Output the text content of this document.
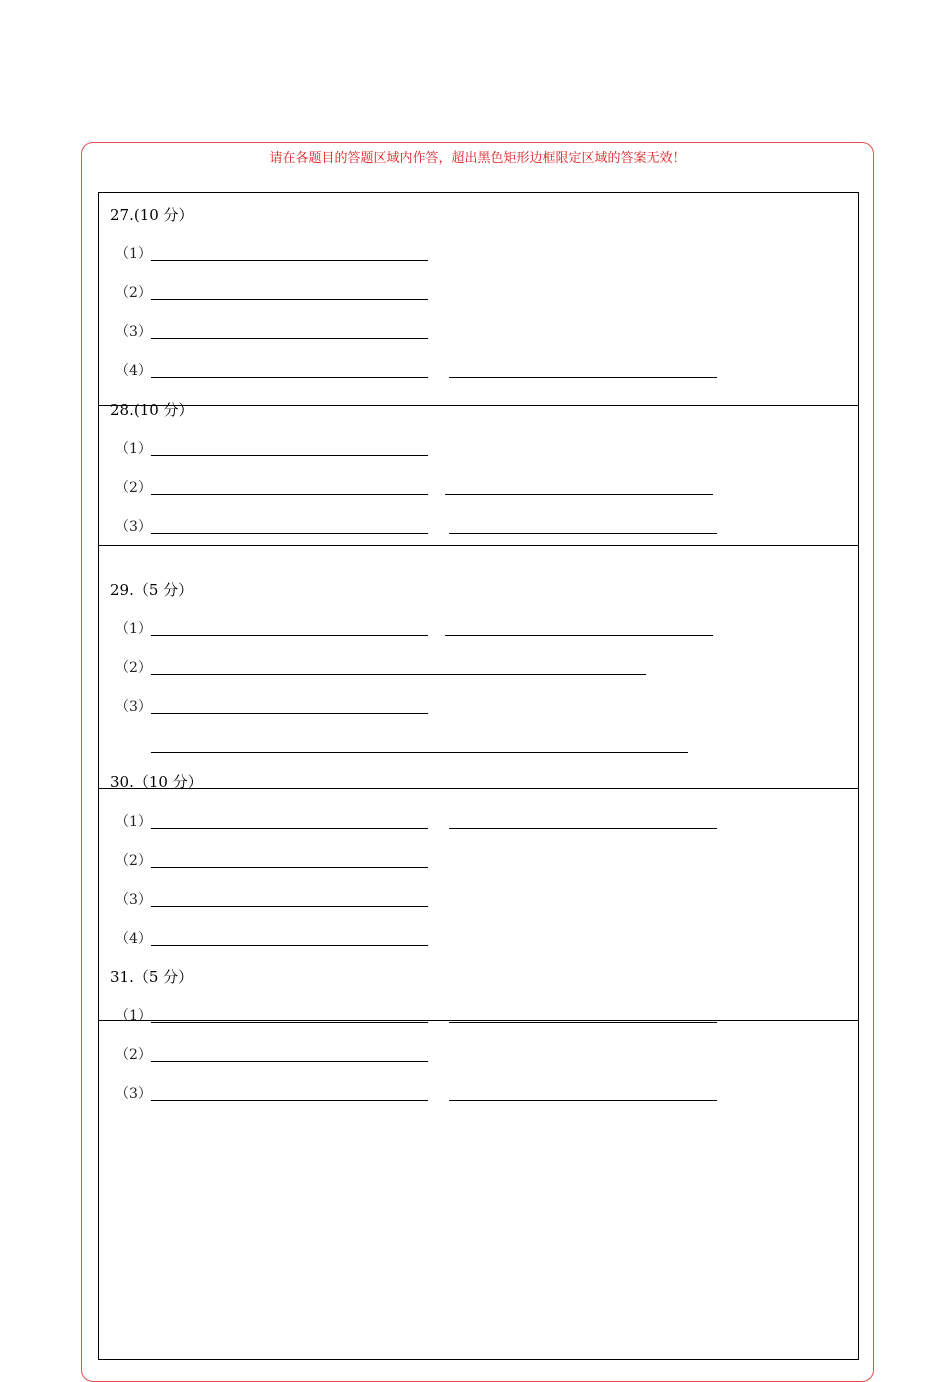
请在各题目的答题区域内作答，超出黑色矩形边框限定区域的答案无效！
27.(10 分）
（1）
（2）
（3）
（4）
28.(10 分）
（1）
（2）
（3）
29.（5 分）
（1）
（2）
（3）
30.（10 分）
（1）
（2）
（3）
（4）
31.（5 分）
（1）
（2）
（3）
